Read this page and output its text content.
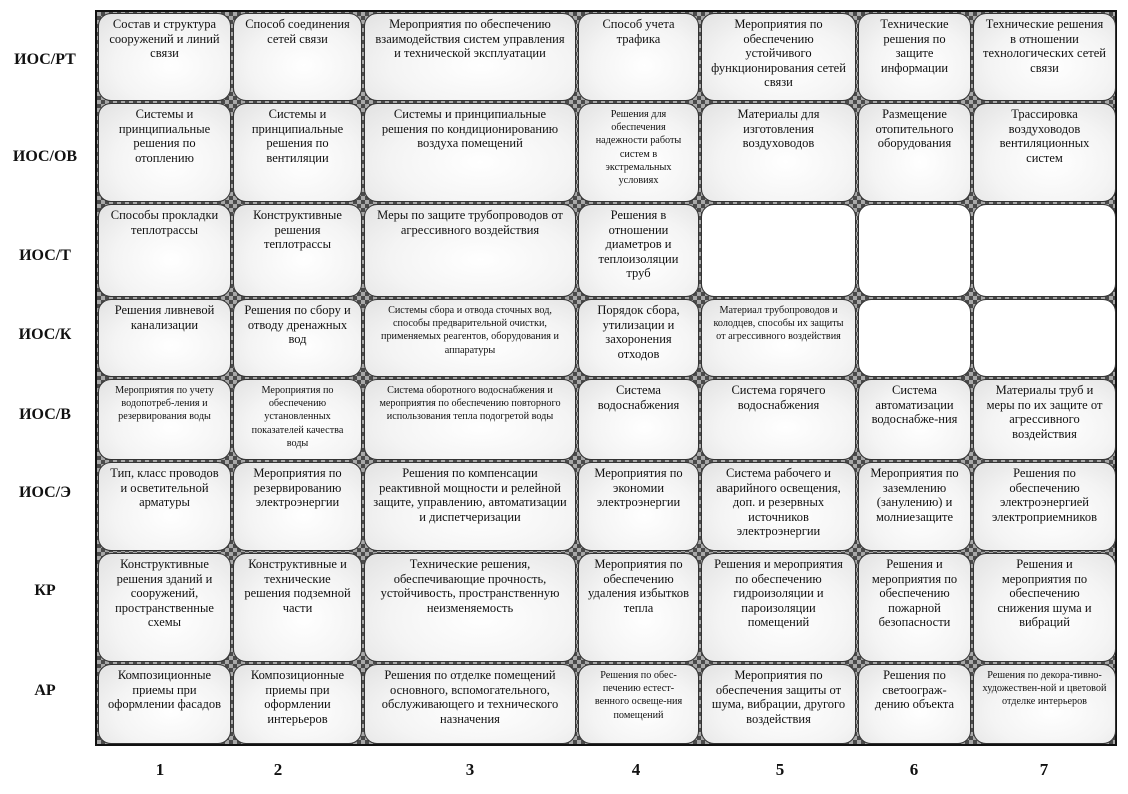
ИОС/РТ
Состав и структура сооружений и линий связи
Способ соединения сетей связи
Мероприятия по обеспечению взаимодействия систем управления и технической эксплуатации
Способ учета трафика
Мероприятия по обеспечению устойчивого функционирования сетей связи
Технические решения по защите информации
Технические решения в отношении технологических сетей связи
ИОС/ОВ
Системы и принципиальные решения по отоплению
Системы и принципиальные решения по вентиляции
Системы и принципиальные решения по кондиционированию воздуха помещений
Решения для обеспечения надежности работы систем в экстремальных условиях
Материалы для изготовления воздуховодов
Размещение отопительного оборудования
Трассировка воздуховодов вентиляционных систем
ИОС/Т
Способы прокладки теплотрассы
Конструктивные решения теплотрассы
Меры по защите трубопроводов от агрессивного воздействия
Решения в отношении диаметров и теплоизоляции труб
ИОС/К
Решения ливневой канализации
Решения по сбору и отводу дренажных вод
Системы сбора и отвода сточных вод, способы предварительной очистки, применяемых реагентов, оборудования и аппаратуры
Порядок сбора, утилизации и захоронения отходов
Материал трубопроводов и колодцев, способы их защиты от агрессивного воздействия
ИОС/В
Мероприятия по учету водопотреб-ления и резервирования воды
Мероприятия по обеспечению установленных показателей качества воды
Система оборотного водоснабжения и мероприятия по обеспечению повторного использования тепла подогретой воды
Система водоснабжения
Система горячего водоснабжения
Система автоматизации водоснабже-ния
Материалы труб и меры по их защите от агрессивного воздействия
ИОС/Э
Тип, класс проводов и осветительной арматуры
Мероприятия по резервированию электроэнергии
Решения по компенсации реактивной мощности и релейной защите, управлению, автоматизации и диспетчеризации
Мероприятия по экономии электроэнергии
Система рабочего и аварийного освещения, доп. и резервных источников электроэнергии
Мероприятия по заземлению (занулению) и молниезащите
Решения по обеспечению электроэнергией электроприемников
КР
Конструктивные решения зданий и сооружений, пространственные схемы
Конструктивные и технические решения подземной части
Технические решения, обеспечивающие прочность, устойчивость, пространственную неизменяемость
Мероприятия по обеспечению удаления избытков тепла
Решения и мероприятия по обеспечению гидроизоляции и пароизоляции помещений
Решения и мероприятия по обеспечению пожарной безопасности
Решения и мероприятия по обеспечению снижения шума и вибраций
АР
Композиционные приемы при оформлении фасадов
Композиционные приемы при оформлении интерьеров
Решения по отделке помещений основного, вспомогательного, обслуживающего и технического назначения
Решения по обес-печению естест-венного освеще-ния помещений
Мероприятия по обеспечения защиты от шума, вибрации, другого воздействия
Решения по светоограж-дению объекта
Решения по декора-тивно-художествен-ной и цветовой отделке интерьеров
1	2	3	4	5	6	7
